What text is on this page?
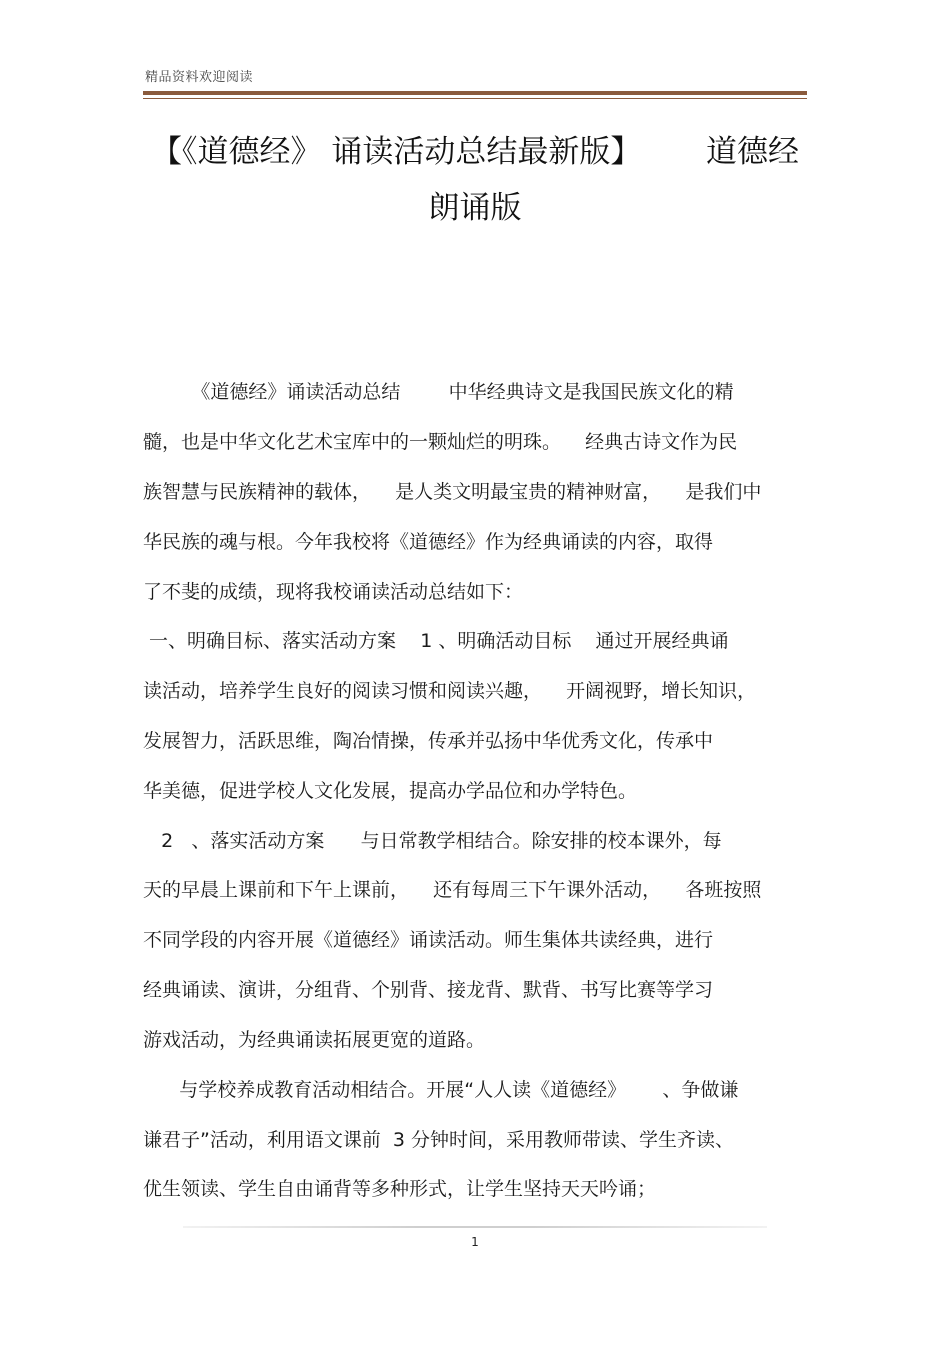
精品资料欢迎阅读
【《道德经》 诵读活动总结最新版】 道德经
朗诵版
《道德经》诵读活动总结        中华经典诗文是我国民族文化的精
髓，也是中华文化艺术宝库中的一颗灿烂的明珠。    经典古诗文作为民
族智慧与民族精神的载体，    是人类文明最宝贵的精神财富，    是我们中
华民族的魂与根。今年我校将《道德经》作为经典诵读的内容，取得
了不斐的成绩，现将我校诵读活动总结如下：
一、明确目标、落实活动方案    1 、明确活动目标    通过开展经典诵
读活动，培养学生良好的阅读习惯和阅读兴趣，    开阔视野，增长知识，
发展智力，活跃思维，陶冶情操，传承并弘扬中华优秀文化，传承中
华美德，促进学校人文化发展，提高办学品位和办学特色。
2   、落实活动方案      与日常教学相结合。除安排的校本课外，每
天的早晨上课前和下午上课前，    还有每周三下午课外活动，    各班按照
不同学段的内容开展《道德经》诵读活动。师生集体共读经典，进行
经典诵读、演讲，分组背、个别背、接龙背、默背、书写比赛等学习
游戏活动，为经典诵读拓展更宽的道路。
与学校养成教育活动相结合。开展“人人读《道德经》      、争做谦
谦君子”活动，利用语文课前  3 分钟时间，采用教师带读、学生齐读、
优生领读、学生自由诵背等多种形式，让学生坚持天天吟诵；
1
